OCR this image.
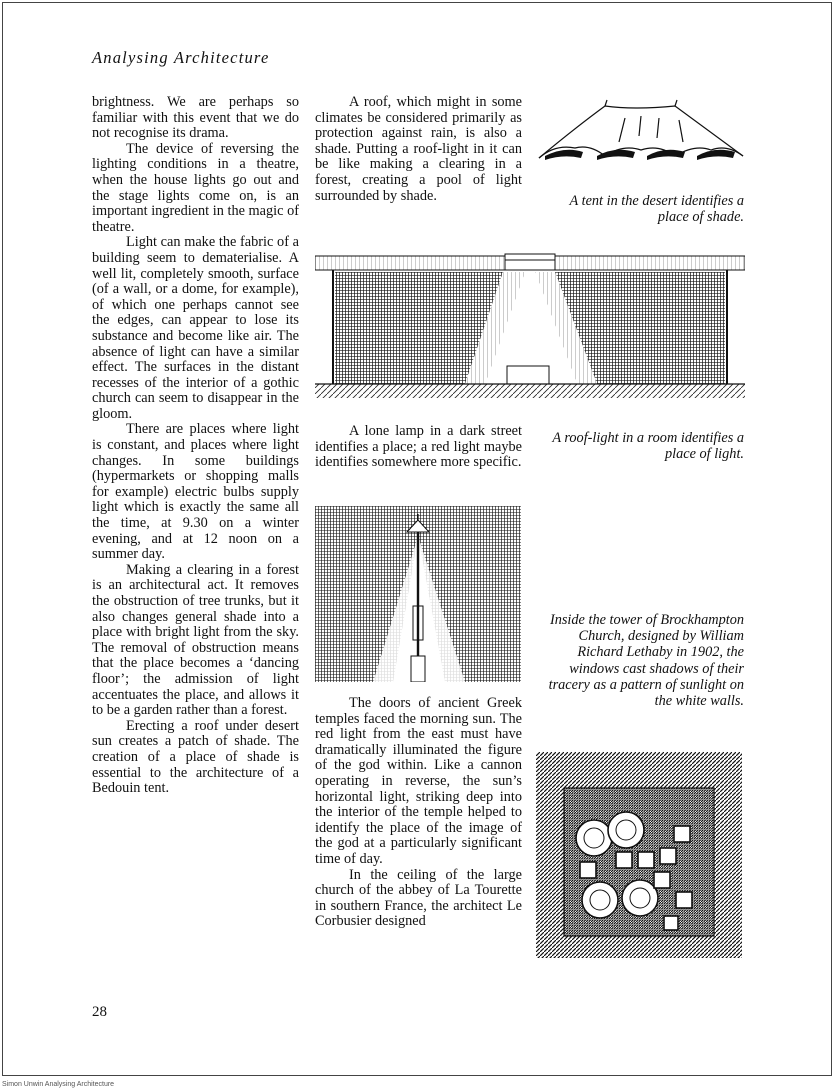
Analysing Architecture

brightness. We are perhaps so familiar with this event that we do not recognise its drama.

The device of reversing the lighting conditions in a theatre, when the house lights go out and the stage lights come on, is an important ingredient in the magic of theatre.

Light can make the fabric of a building seem to dematerialise. A well lit, completely smooth, surface (of a wall, or a dome, for example), of which one perhaps cannot see the edges, can appear to lose its substance and become like air. The absence of light can have a similar effect. The surfaces in the distant recesses of the interior of a gothic church can seem to disappear in the gloom.

There are places where light is constant, and places where light changes. In some buildings (hypermarkets or shopping malls for example) electric bulbs supply light which is exactly the same all the time, at 9.30 on a winter evening, and at 12 noon on a summer day.

Making a clearing in a forest is an architectural act. It removes the obstruction of tree trunks, but it also changes general shade into a place with bright light from the sky. The removal of obstruction means that the place becomes a ‘dancing floor’; the admission of light accentuates the place, and allows it to be a garden rather than a forest.

Erecting a roof under desert sun creates a patch of shade. The creation of a place of shade is essential to the architecture of a Bedouin tent.

A roof, which might in some climates be considered primarily as protection against rain, is also a shade. Putting a roof-light in it can be like making a clearing in a forest, creating a pool of light surrounded by shade.

A lone lamp in a dark street identifies a place; a red light maybe identifies somewhere more specific.

The doors of ancient Greek temples faced the morning sun. The red light from the east must have dramatically illuminated the figure of the god within. Like a cannon operating in reverse, the sun’s horizontal light, striking deep into the interior of the temple helped to identify the place of the image of the god at a particularly significant time of day.

In the ceiling of the large church of the abbey of La Tourette in southern France, the architect Le Corbusier designed

A tent in the desert identifies a place of shade.
A roof-light in a room identifies a place of light.
Inside the tower of Brockhampton Church, designed by William Richard Lethaby in 1902, the windows cast shadows of their tracery as a pattern of sunlight on the white walls.
28
Simon Unwin Analysing Architecture
